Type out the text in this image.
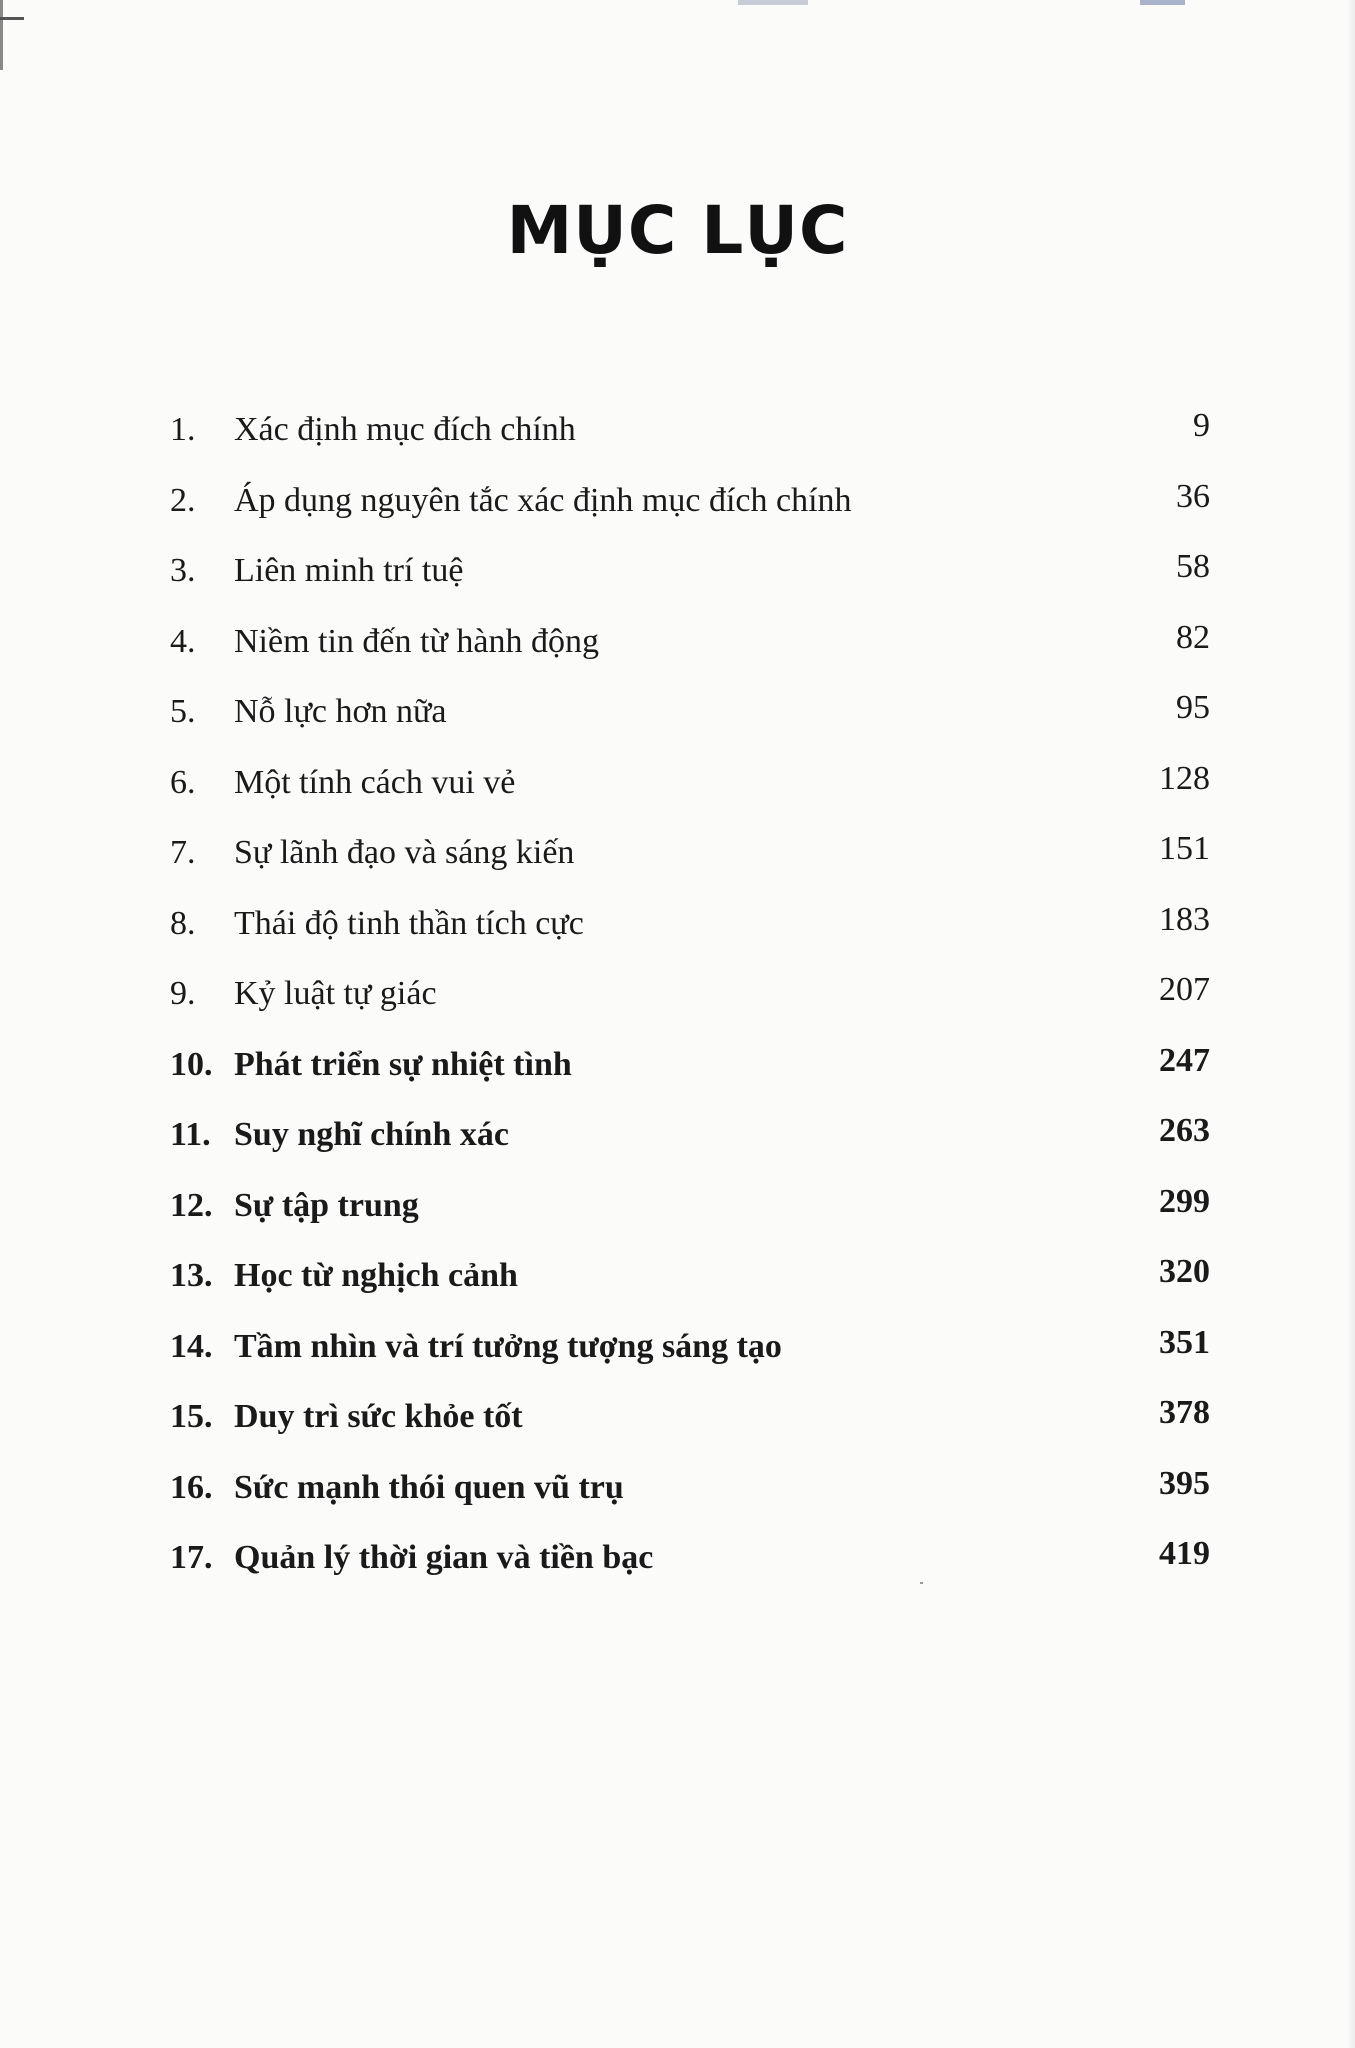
MỤC LỤC
1.	Xác định mục đích chính	9
2.	Áp dụng nguyên tắc xác định mục đích chính	36
3.	Liên minh trí tuệ	58
4.	Niềm tin đến từ hành động	82
5.	Nỗ lực hơn nữa	95
6.	Một tính cách vui vẻ	128
7.	Sự lãnh đạo và sáng kiến	151
8.	Thái độ tinh thần tích cực	183
9.	Kỷ luật tự giác	207
10. Phát triển sự nhiệt tình	247
11. Suy nghĩ chính xác	263
12. Sự tập trung	299
13. Học từ nghịch cảnh	320
14. Tầm nhìn và trí tưởng tượng sáng tạo	351
15. Duy trì sức khỏe tốt	378
16. Sức mạnh thói quen vũ trụ	395
17. Quản lý thời gian và tiền bạc	419
